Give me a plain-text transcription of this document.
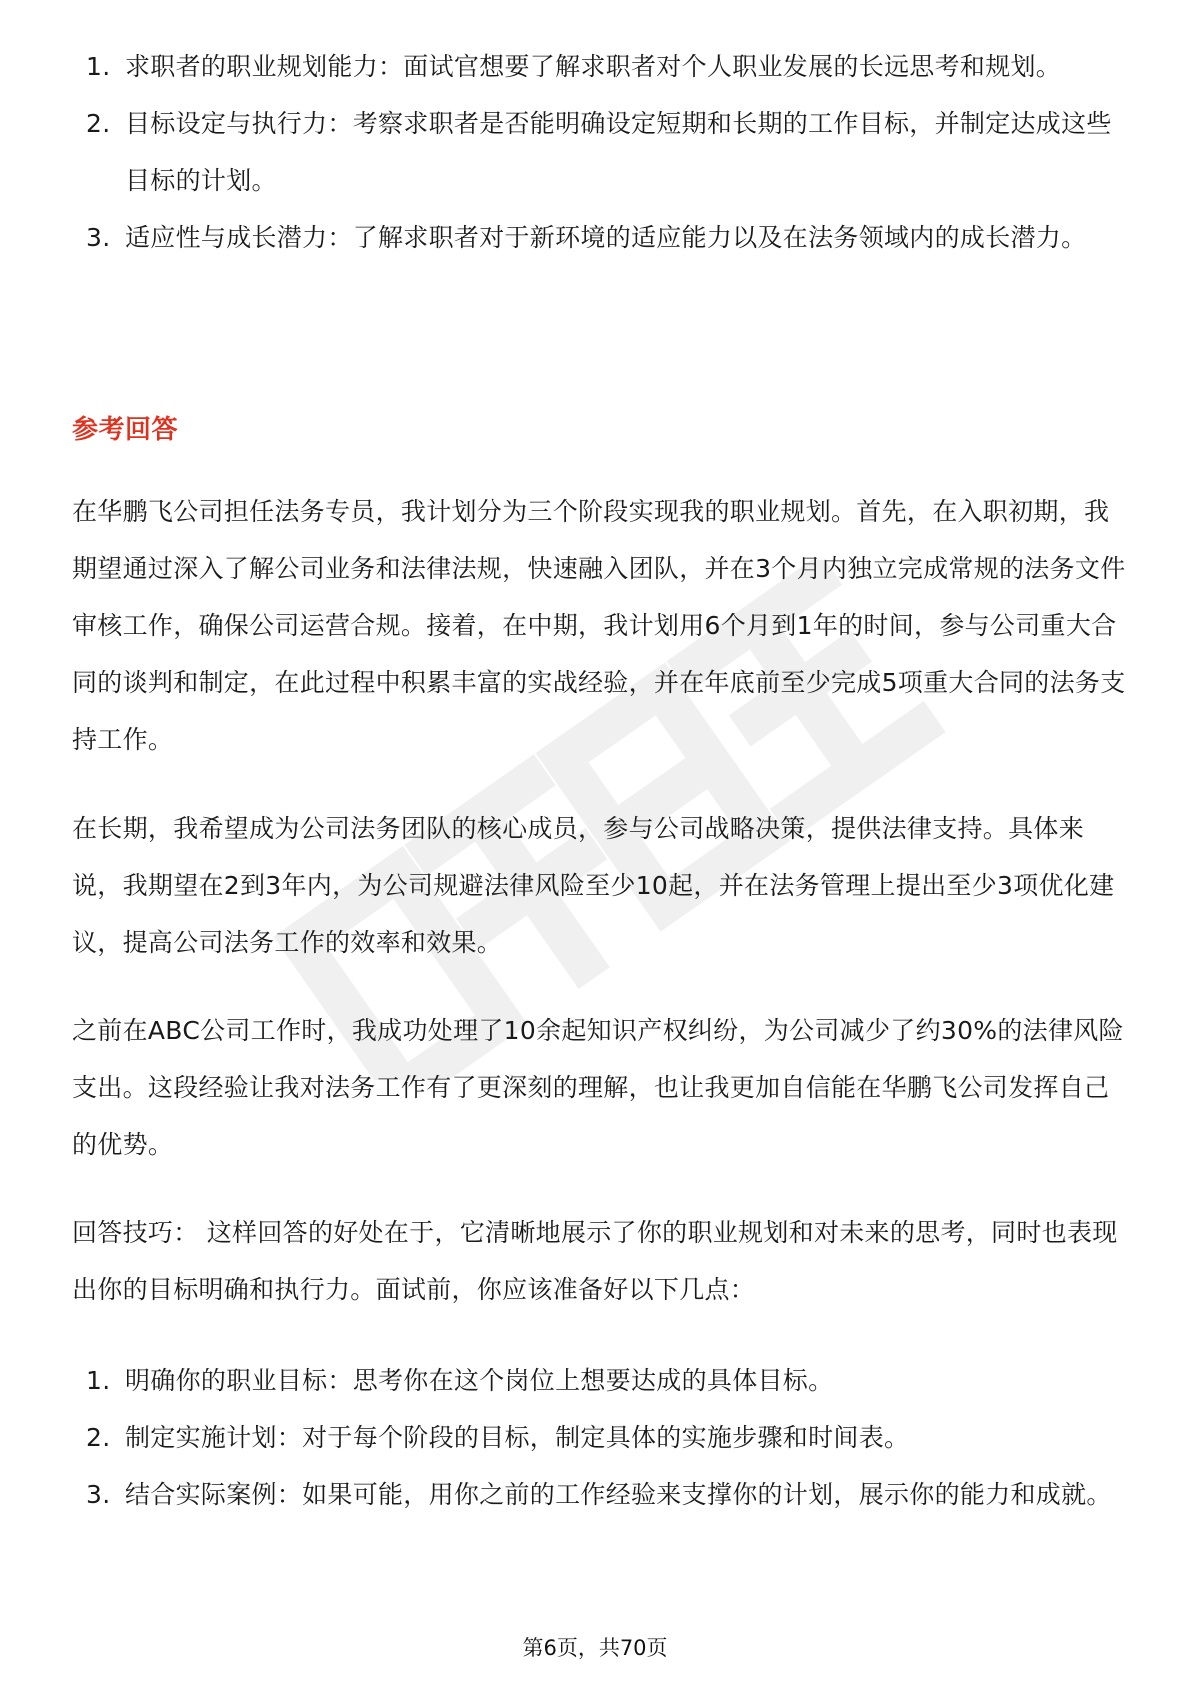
1. 求职者的职业规划能力：面试官想要了解求职者对个人职业发展的长远思考和规划。
2. 目标设定与执行力：考察求职者是否能明确设定短期和长期的工作目标，并制定达成这些目标的计划。
3. 适应性与成长潜力：了解求职者对于新环境的适应能力以及在法务领域内的成长潜力。
参考回答

在华鹏飞公司担任法务专员，我计划分为三个阶段实现我的职业规划。首先，在入职初期，我期望通过深入了解公司业务和法律法规，快速融入团队，并在3个月内独立完成常规的法务文件审核工作，确保公司运营合规。接着，在中期，我计划用6个月到1年的时间，参与公司重大合同的谈判和制定，在此过程中积累丰富的实战经验，并在年底前至少完成5项重大合同的法务支持工作。

在长期，我希望成为公司法务团队的核心成员，参与公司战略决策，提供法律支持。具体来说，我期望在2到3年内，为公司规避法律风险至少10起，并在法务管理上提出至少3项优化建议，提高公司法务工作的效率和效果。

之前在ABC公司工作时，我成功处理了10余起知识产权纠纷，为公司减少了约30%的法律风险支出。这段经验让我对法务工作有了更深刻的理解，也让我更加自信能在华鹏飞公司发挥自己的优势。

回答技巧： 这样回答的好处在于，它清晰地展示了你的职业规划和对未来的思考，同时也表现出你的目标明确和执行力。面试前，你应该准备好以下几点：

1. 明确你的职业目标：思考你在这个岗位上想要达成的具体目标。
2. 制定实施计划：对于每个阶段的目标，制定具体的实施步骤和时间表。
3. 结合实际案例：如果可能，用你之前的工作经验来支撑你的计划，展示你的能力和成就。
第6页，共70页
